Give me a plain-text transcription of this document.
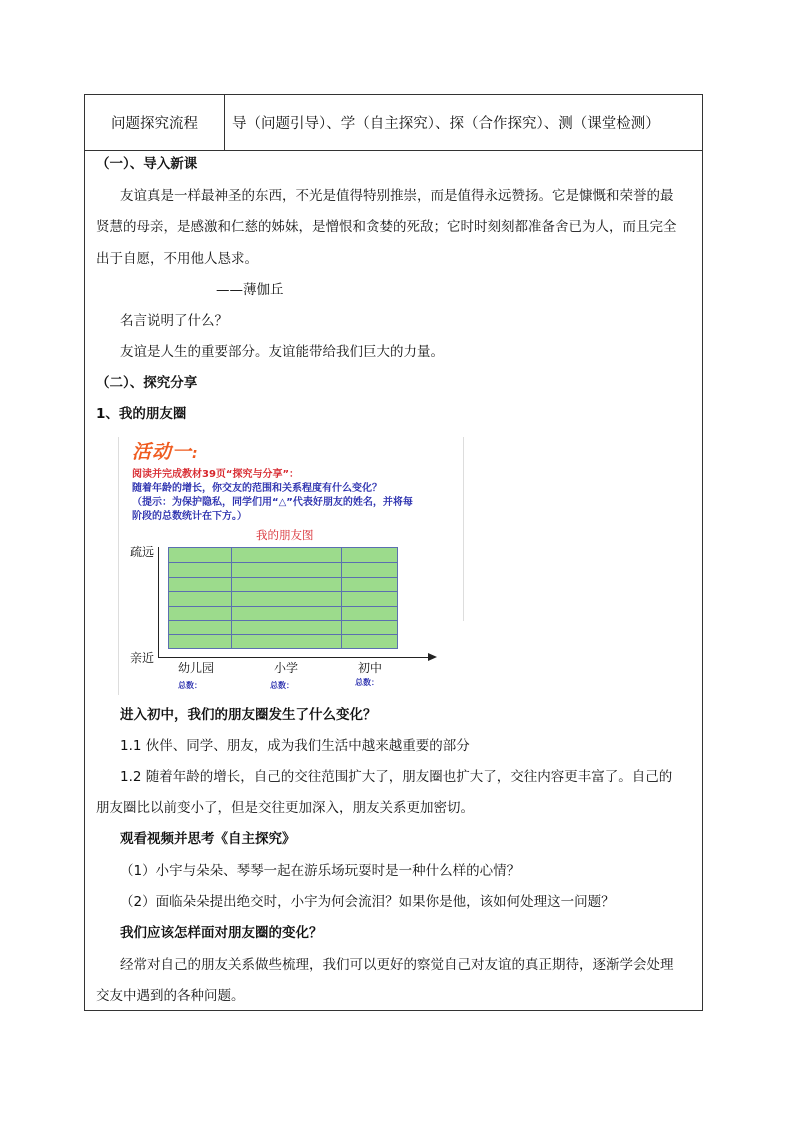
问题探究流程	导（问题引导）、学（自主探究）、探（合作探究）、测（课堂检测）
（一）、导入新课
友谊真是一样最神圣的东西，不光是值得特别推崇，而是值得永远赞扬。它是慷慨和荣誉的最
贤慧的母亲，是感激和仁慈的姊妹，是憎恨和贪婪的死敌；它时时刻刻都准备舍已为人，而且完全
出于自愿，不用他人恳求。
——薄伽丘
名言说明了什么？
友谊是人生的重要部分。友谊能带给我们巨大的力量。
（二）、探究分享
1、我的朋友圈
活动一:
阅读并完成教材39页“探究与分享”：
随着年龄的增长，你交友的范围和关系程度有什么变化？
（提示：为保护隐私，同学们用“△”代表好朋友的姓名，并将每
阶段的总数统计在下方。）
我的朋友图
疏远
亲近
幼儿园	小学	初中
总数：	总数：	总数：
进入初中，我们的朋友圈发生了什么变化？
1.1 伙伴、同学、朋友，成为我们生活中越来越重要的部分
1.2 随着年龄的增长，自己的交往范围扩大了，朋友圈也扩大了，交往内容更丰富了。自己的
朋友圈比以前变小了，但是交往更加深入，朋友关系更加密切。
观看视频并思考《自主探究》
（1）小宇与朵朵、琴琴一起在游乐场玩耍时是一种什么样的心情？
（2）面临朵朵提出绝交时，小宇为何会流泪？如果你是他，该如何处理这一问题？
我们应该怎样面对朋友圈的变化？
经常对自己的朋友关系做些梳理，我们可以更好的察觉自己对友谊的真正期待，逐渐学会处理
交友中遇到的各种问题。
